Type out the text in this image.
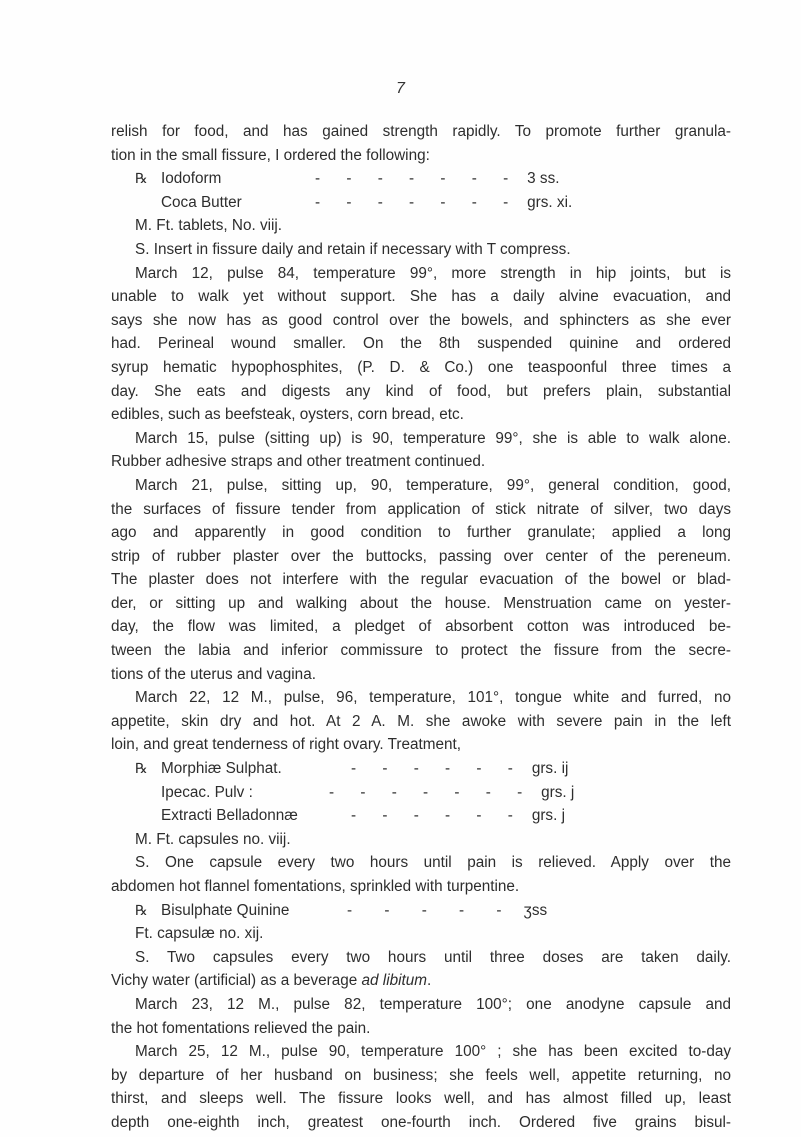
7
relish for food, and has gained strength rapidly. To promote further granula-
tion in the small fissure, I ordered the following:
℞ Iodoform	- - - - - - - 3 ss.
Coca Butter	- - - - - - - grs. xi.
M. Ft. tablets, No. viij.
S. Insert in fissure daily and retain if necessary with T compress.
March 12, pulse 84, temperature 99°, more strength in hip joints, but is
unable to walk yet without support. She has a daily alvine evacuation, and
says she now has as good control over the bowels, and sphincters as she ever
had. Perineal wound smaller. On the 8th suspended quinine and ordered
syrup hematic hypophosphites, (P. D. & Co.) one teaspoonful three times a
day. She eats and digests any kind of food, but prefers plain, substantial
edibles, such as beefsteak, oysters, corn bread, etc.
March 15, pulse (sitting up) is 90, temperature 99°, she is able to walk alone.
Rubber adhesive straps and other treatment continued.
March 21, pulse, sitting up, 90, temperature, 99°, general condition, good,
the surfaces of fissure tender from application of stick nitrate of silver, two days
ago and apparently in good condition to further granulate; applied a long
strip of rubber plaster over the buttocks, passing over center of the pereneum.
The plaster does not interfere with the regular evacuation of the bowel or blad-
der, or sitting up and walking about the house. Menstruation came on yester-
day, the flow was limited, a pledget of absorbent cotton was introduced be-
tween the labia and inferior commissure to protect the fissure from the secre-
tions of the uterus and vagina.
March 22, 12 M., pulse, 96, temperature, 101°, tongue white and furred, no
appetite, skin dry and hot. At 2 A. M. she awoke with severe pain in the left
loin, and great tenderness of right ovary. Treatment,
℞ Morphiæ Sulphat.	- - - - - - grs. ij
Ipecac. Pulv :	- - - - - - - grs. j
Extracti Belladonnæ	- - - - - - grs. j
M. Ft. capsules no. viij.
S. One capsule every two hours until pain is relieved. Apply over the
abdomen hot flannel fomentations, sprinkled with turpentine.
℞ Bisulphate Quinine	- - - - - ʒss
Ft. capsulæ no. xij.
S. Two capsules every two hours until three doses are taken daily.
Vichy water (artificial) as a beverage ad libitum.
March 23, 12 M., pulse 82, temperature 100°; one anodyne capsule and
the hot fomentations relieved the pain.
March 25, 12 M., pulse 90, temperature 100° ; she has been excited to-day
by departure of her husband on business; she feels well, appetite returning, no
thirst, and sleeps well. The fissure looks well, and has almost filled up, least
depth one-eighth inch, greatest one-fourth inch. Ordered five grains bisul-
